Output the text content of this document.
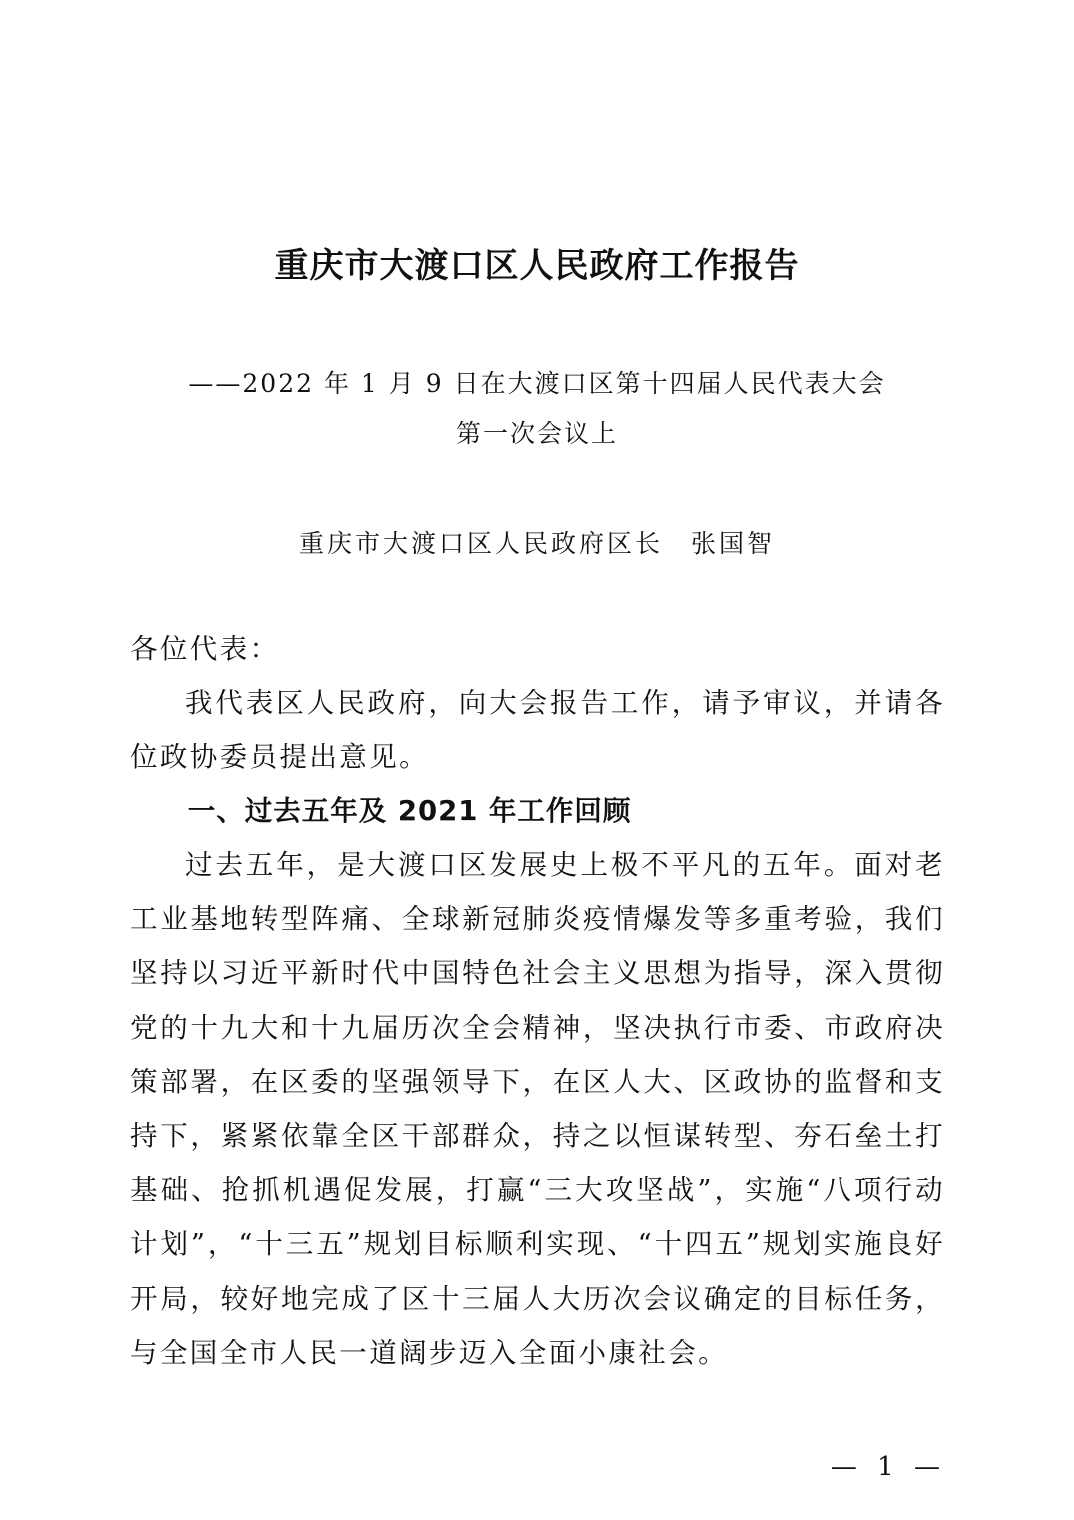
重庆市大渡口区人民政府工作报告

——2022 年 1 月 9 日在大渡口区第十四届人民代表大会

第一次会议上

重庆市大渡口区人民政府区长 张国智

各位代表：

我代表区人民政府，向大会报告工作，请予审议，并请各位政协委员提出意见。

一、过去五年及 2021 年工作回顾

过去五年，是大渡口区发展史上极不平凡的五年。面对老工业基地转型阵痛、全球新冠肺炎疫情爆发等多重考验，我们坚持以习近平新时代中国特色社会主义思想为指导，深入贯彻党的十九大和十九届历次全会精神，坚决执行市委、市政府决策部署，在区委的坚强领导下，在区人大、区政协的监督和支持下，紧紧依靠全区干部群众，持之以恒谋转型、夯石垒土打基础、抢抓机遇促发展，打赢“三大攻坚战”，实施“八项行动计划”，“十三五”规划目标顺利实现、“十四五”规划实施良好开局，较好地完成了区十三届人大历次会议确定的目标任务，与全国全市人民一道阔步迈入全面小康社会。

— 1 —
